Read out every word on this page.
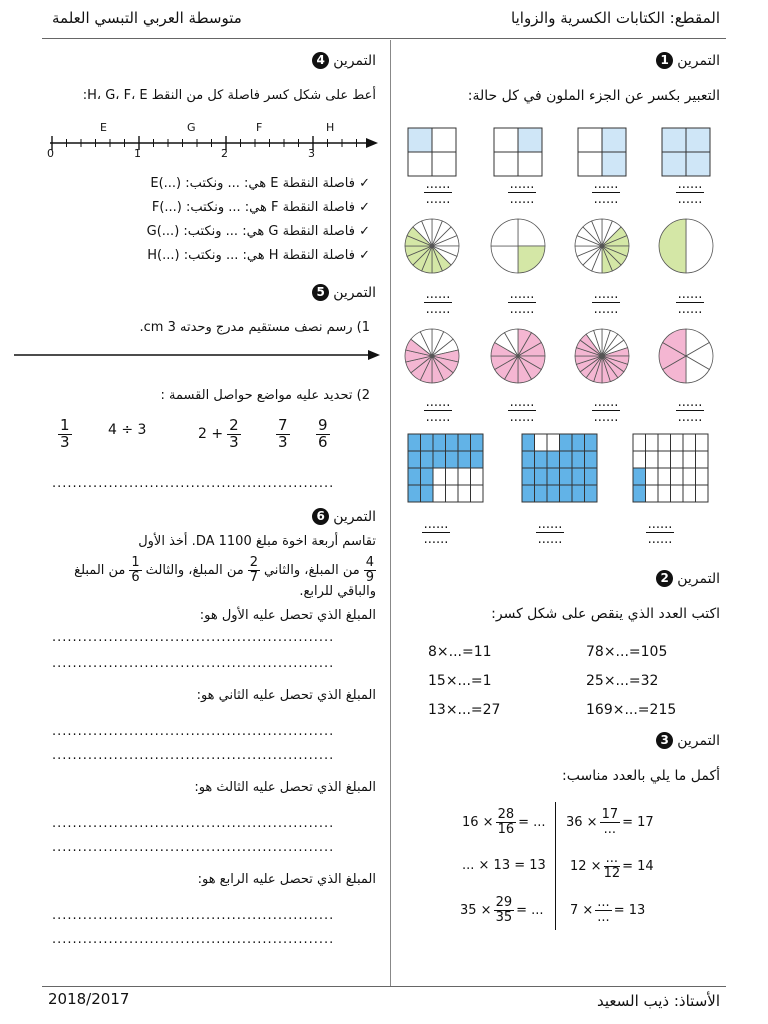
المقطع: الكتابات الكسرية والزوايا
متوسطة العربي التبسي العلمة
الأستاذ: ذيب السعيد
2018/2017
التمرين
1
التعبير بكسر عن الجزء الملون في كل حالة:
......
......
......
......
......
......
......
......
......
......
......
......
......
......
......
......
......
......
......
......
......
......
......
......
......
......
......
......
......
......
التمرين
2
اكتب العدد الذي ينقص على شكل كسر:
78×...=105
8×...=11
25×...=32
15×...=1
169×...=215
13×...=27
التمرين
3
أكمل ما يلي بالعدد مناسب:
$36 \times \frac{17}{...} = 17$
$12 \times \frac{...}{12} = 14$
$7 \times \frac{...}{...} = 13$
$16 \times \frac{28}{16}$ = ...
... × 13 = 13
$35 \times \frac{29}{35}$ = ...
التمرين
4
أعط على شكل كسر فاصلة كل من النقط H، G، F، E:
E	G	F	H
0	1	2	3
✓ فاصلة النقطة E هي: ... ونكتب: (...)E
✓ فاصلة النقطة F هي: ... ونكتب: (...)F
✓ فاصلة النقطة G هي: ... ونكتب: (...)G
✓ فاصلة النقطة H هي: ... ونكتب: (...)H
التمرين
5
1) رسم نصف مستقيم مدرج وحدته 3 cm.
2) تحديد عليه مواضع حواصل القسمة :
$\frac{1}{3}$	4 ÷ 3	$2 + \frac{2}{3} \frac{7}{3} \frac{9}{6}$
.......................................................
التمرين
6
تقاسم أربعة اخوة مبلغ 1100 DA. أخذ الأول
$\frac{4}{9}$
من المبلغ، والثاني
$\frac{2}{7}$
من المبلغ، والثالث
$\frac{1}{6}$
من المبلغ
والباقي للرابع.
المبلغ الذي تحصل عليه الأول هو:
.......................................................
.......................................................
المبلغ الذي تحصل عليه الثاني هو:
.......................................................
.......................................................
المبلغ الذي تحصل عليه الثالث هو:
.......................................................
.......................................................
المبلغ الذي تحصل عليه الرابع هو:
.......................................................
.......................................................
